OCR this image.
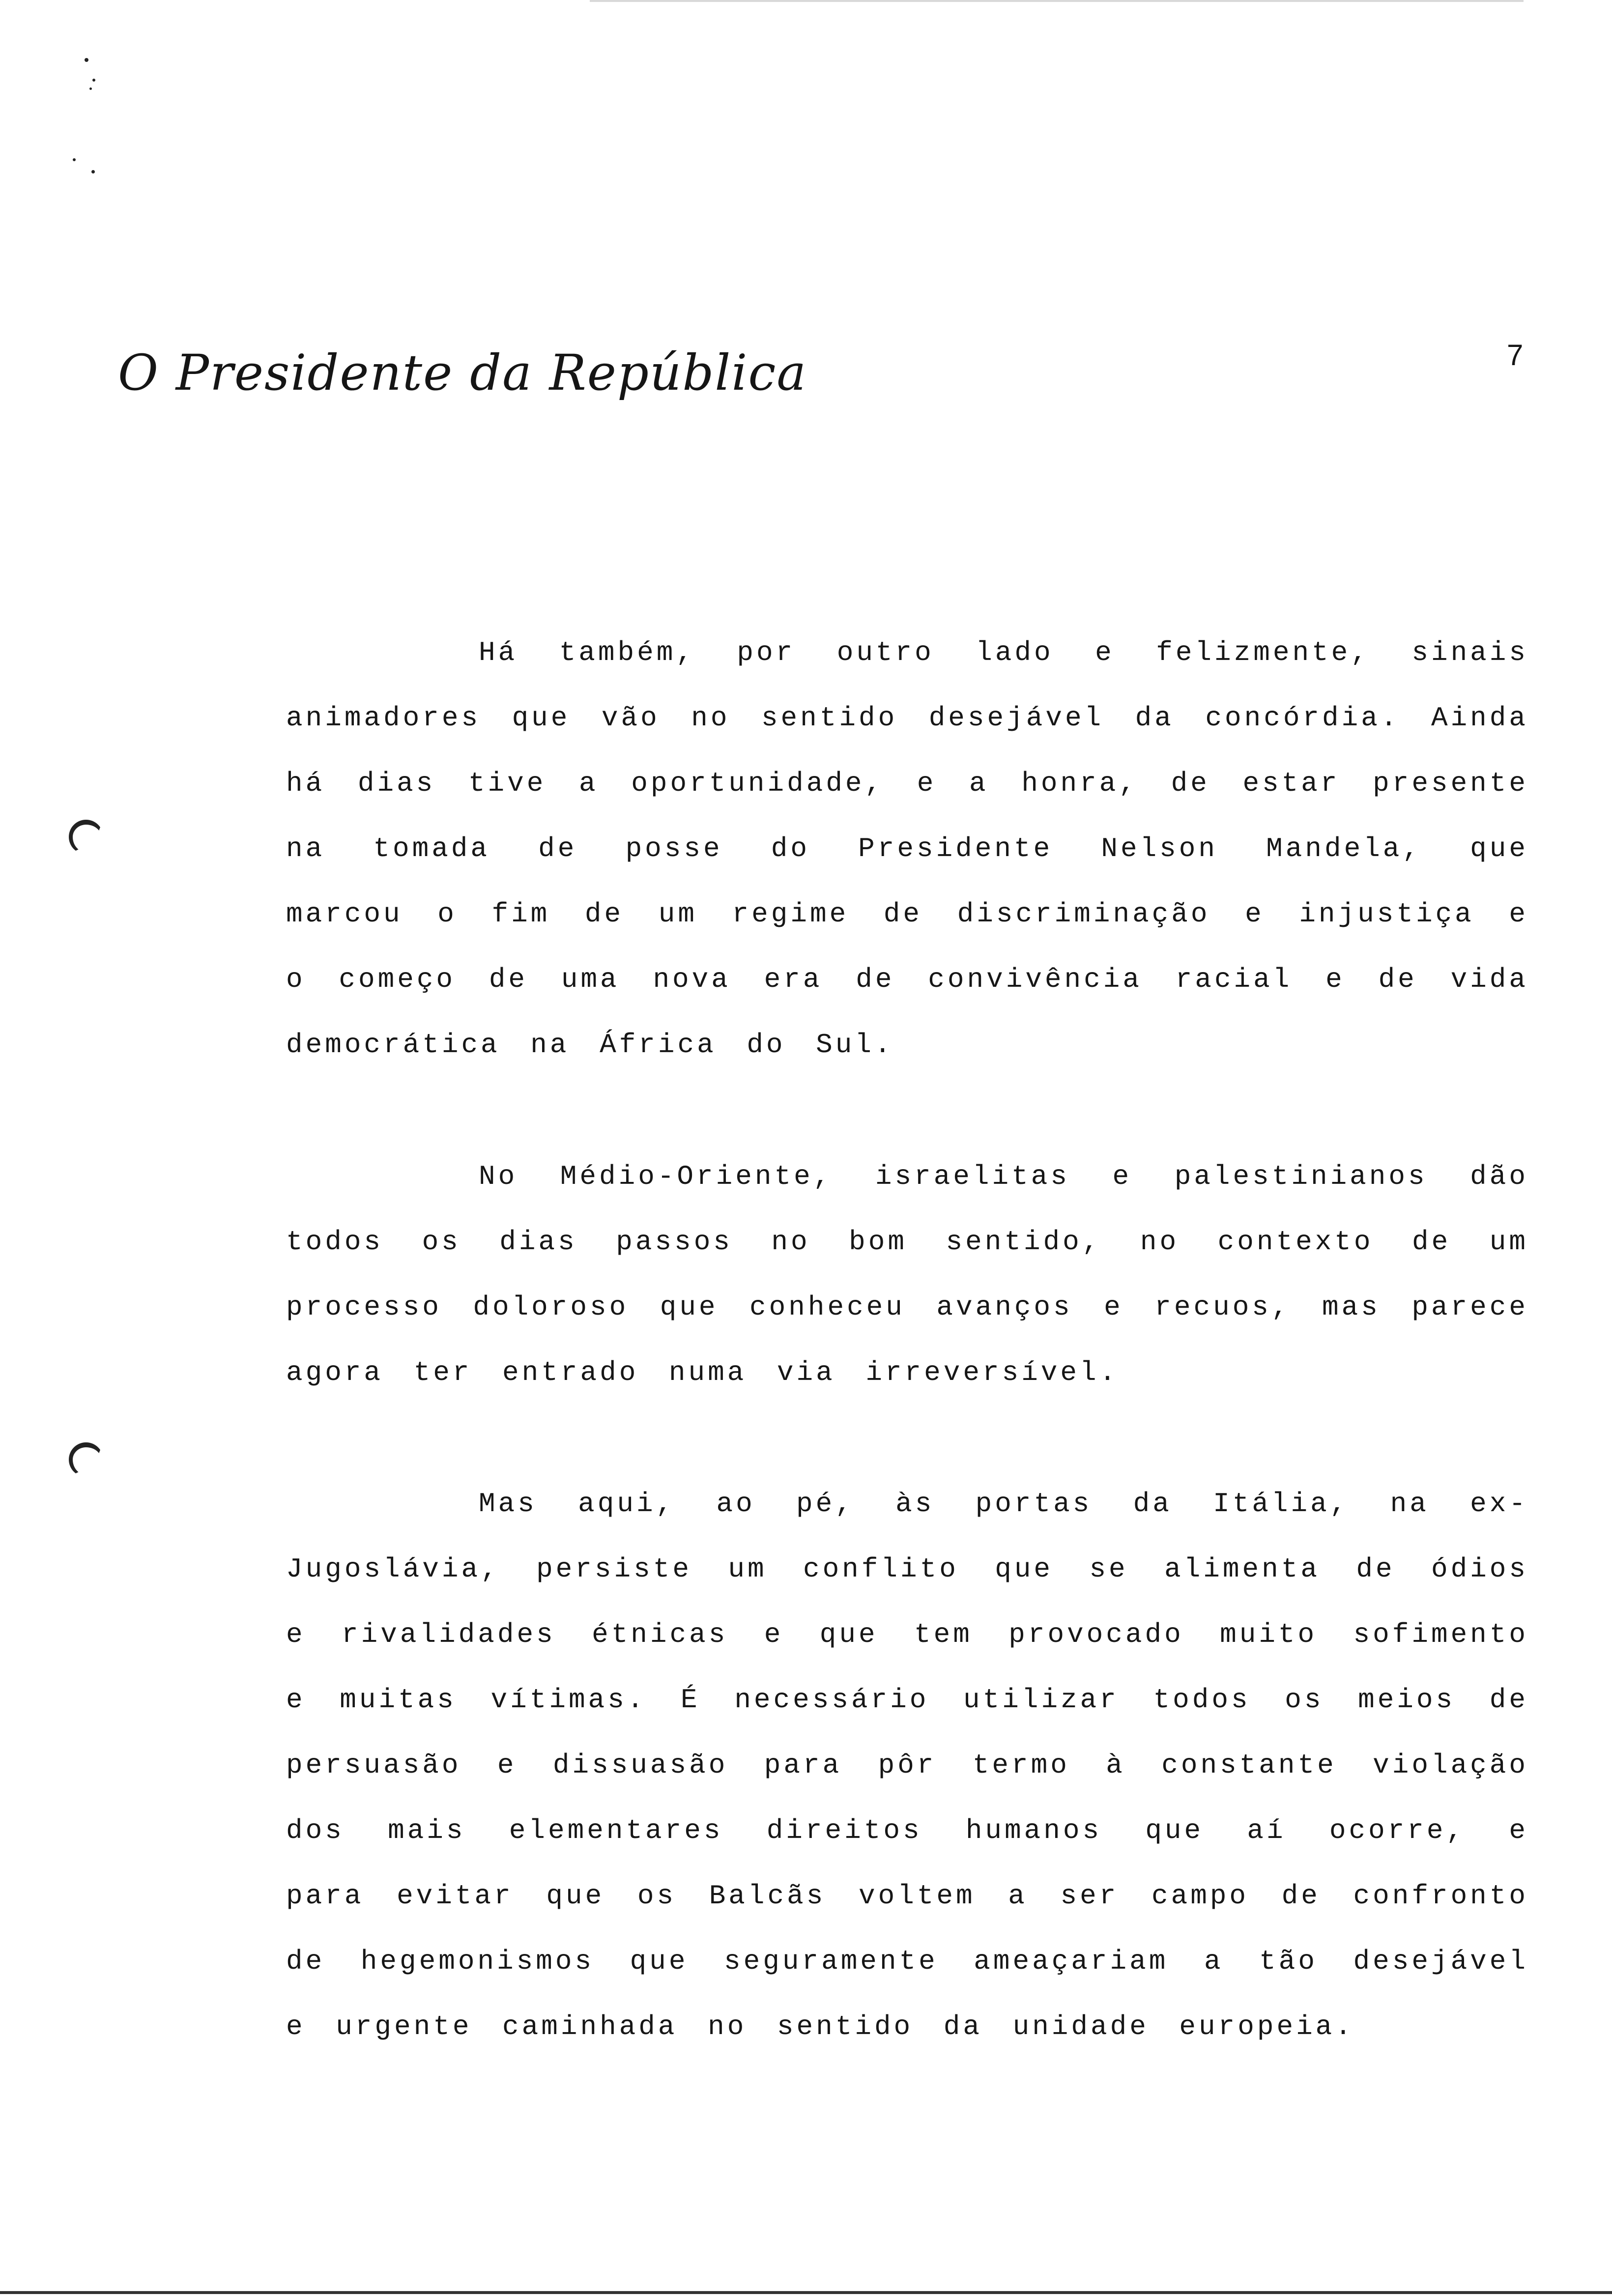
O Presidente da República	7
Há também, por outro lado e felizmente, sinais animadores que vão no sentido desejável da concórdia. Ainda há dias tive a oportunidade, e a honra, de estar presente na tomada de posse do Presidente Nelson Mandela, que marcou o fim de um regime de discriminação e injustiça e o começo de uma nova era de convivência racial e de vida democrática na África do Sul.
No Médio-Oriente, israelitas e palestinianos dão todos os dias passos no bom sentido, no contexto de um processo doloroso que conheceu avanços e recuos, mas parece agora ter entrado numa via irreversível.
Mas aqui, ao pé, às portas da Itália, na ex-Jugoslávia, persiste um conflito que se alimenta de ódios e rivalidades étnicas e que tem provocado muito sofimento e muitas vítimas. É necessário utilizar todos os meios de persuasão e dissuasão para pôr termo à constante violação dos mais elementares direitos humanos que aí ocorre, e para evitar que os Balcãs voltem a ser campo de confronto de hegemonismos que seguramente ameaçariam a tão desejável e urgente caminhada no sentido da unidade europeia.
